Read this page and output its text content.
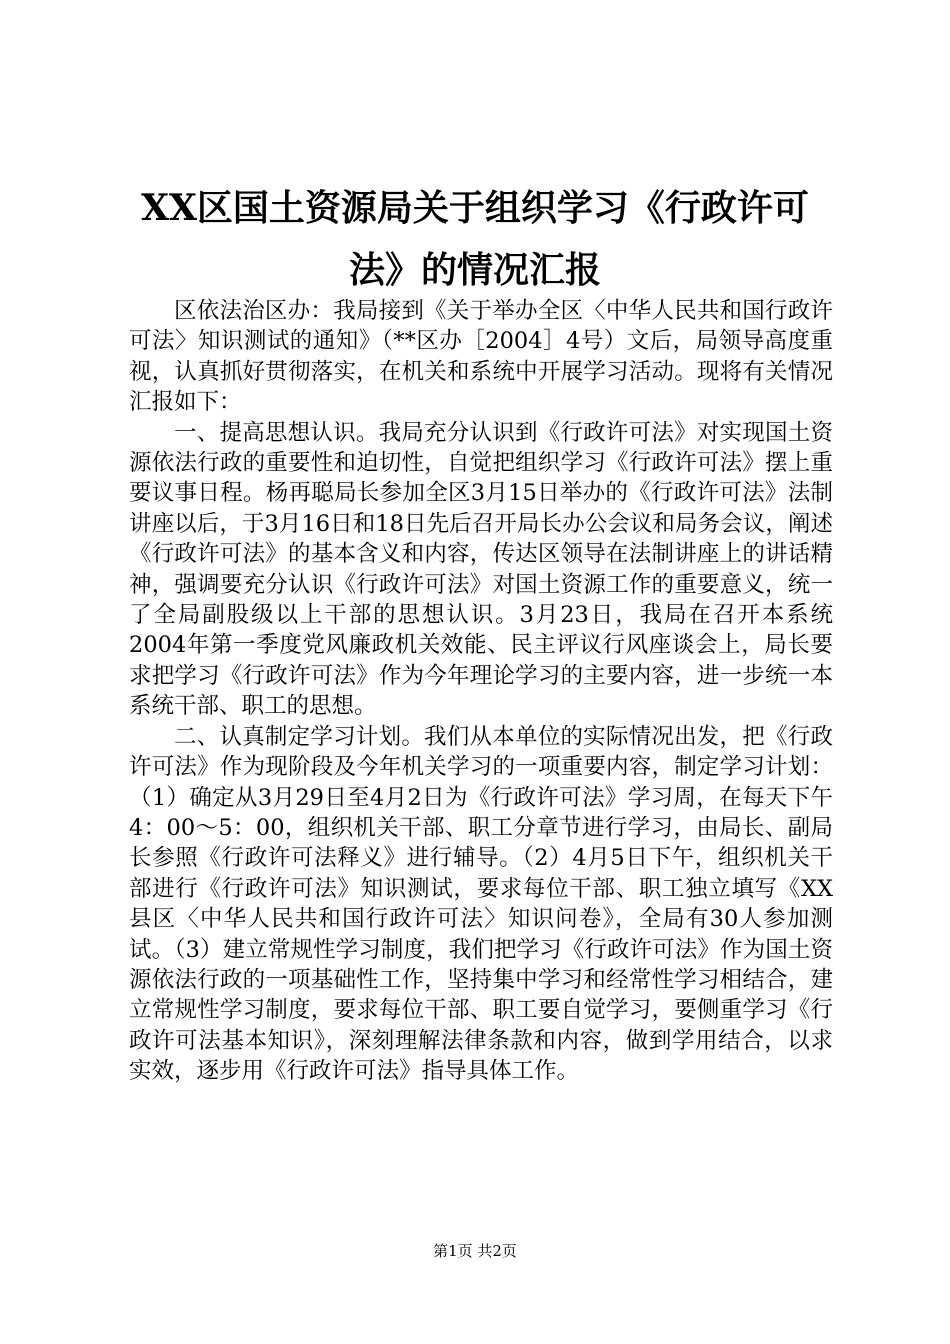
XX区国土资源局关于组织学习《行政许可
法》的情况汇报

区依法治区办：我局接到《关于举办全区〈中华人民共和国行政许可法〉知识测试的通知》（**区办［2004］4号）文后，局领导高度重视，认真抓好贯彻落实，在机关和系统中开展学习活动。现将有关情况汇报如下：

一、提高思想认识。我局充分认识到《行政许可法》对实现国土资源依法行政的重要性和迫切性，自觉把组织学习《行政许可法》摆上重要议事日程。杨再聪局长参加全区3月15日举办的《行政许可法》法制讲座以后，于3月16日和18日先后召开局长办公会议和局务会议，阐述《行政许可法》的基本含义和内容，传达区领导在法制讲座上的讲话精神，强调要充分认识《行政许可法》对国土资源工作的重要意义，统一了全局副股级以上干部的思想认识。3月23日，我局在召开本系统2004年第一季度党风廉政机关效能、民主评议行风座谈会上，局长要求把学习《行政许可法》作为今年理论学习的主要内容，进一步统一本系统干部、职工的思想。

二、认真制定学习计划。我们从本单位的实际情况出发，把《行政许可法》作为现阶段及今年机关学习的一项重要内容，制定学习计划：（1）确定从3月29日至4月2日为《行政许可法》学习周，在每天下午4：00～5：00，组织机关干部、职工分章节进行学习，由局长、副局长参照《行政许可法释义》进行辅导。（2）4月5日下午，组织机关干部进行《行政许可法》知识测试，要求每位干部、职工独立填写《XX县区〈中华人民共和国行政许可法〉知识问卷》，全局有30人参加测试。（3）建立常规性学习制度，我们把学习《行政许可法》作为国土资源依法行政的一项基础性工作，坚持集中学习和经常性学习相结合，建立常规性学习制度，要求每位干部、职工要自觉学习，要侧重学习《行政许可法基本知识》，深刻理解法律条款和内容，做到学用结合，以求实效，逐步用《行政许可法》指导具体工作。

第1页 共2页
